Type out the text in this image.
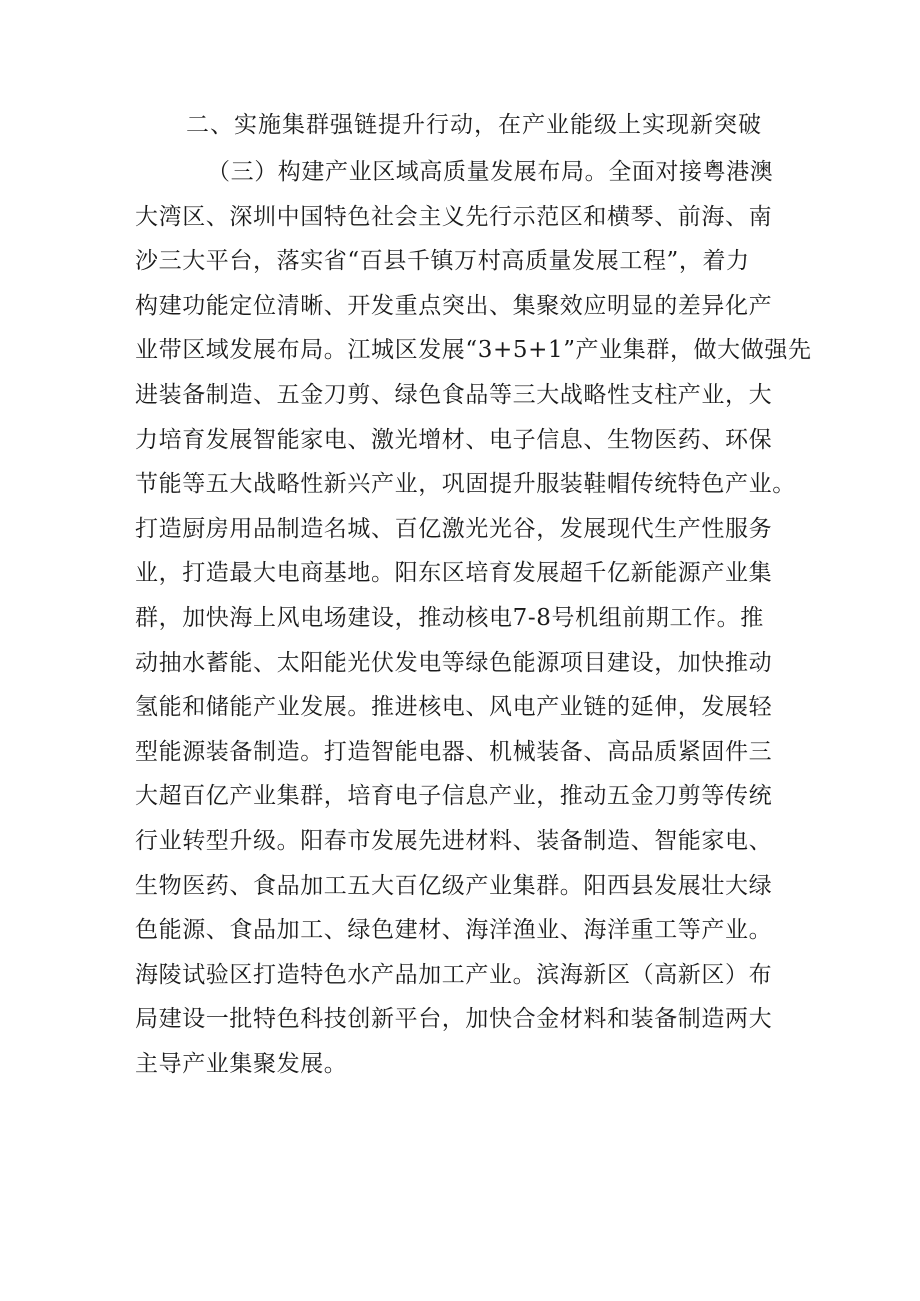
二、实施集群强链提升行动，在产业能级上实现新突破
（三）构建产业区域高质量发展布局。全面对接粤港澳
大湾区、深圳中国特色社会主义先行示范区和横琴、前海、南
沙三大平台，落实省“百县千镇万村高质量发展工程”，着力
构建功能定位清晰、开发重点突出、集聚效应明显的差异化产
业带区域发展布局。江城区发展“3+5+1”产业集群，做大做强先
进装备制造、五金刀剪、绿色食品等三大战略性支柱产业，大
力培育发展智能家电、激光增材、电子信息、生物医药、环保
节能等五大战略性新兴产业，巩固提升服装鞋帽传统特色产业。
打造厨房用品制造名城、百亿激光光谷，发展现代生产性服务
业，打造最大电商基地。阳东区培育发展超千亿新能源产业集
群，加快海上风电场建设，推动核电7-8号机组前期工作。推
动抽水蓄能、太阳能光伏发电等绿色能源项目建设，加快推动
氢能和储能产业发展。推进核电、风电产业链的延伸，发展轻
型能源装备制造。打造智能电器、机械装备、高品质紧固件三
大超百亿产业集群，培育电子信息产业，推动五金刀剪等传统
行业转型升级。阳春市发展先进材料、装备制造、智能家电、
生物医药、食品加工五大百亿级产业集群。阳西县发展壮大绿
色能源、食品加工、绿色建材、海洋渔业、海洋重工等产业。
海陵试验区打造特色水产品加工产业。滨海新区（高新区）布
局建设一批特色科技创新平台，加快合金材料和装备制造两大
主导产业集聚发展。
